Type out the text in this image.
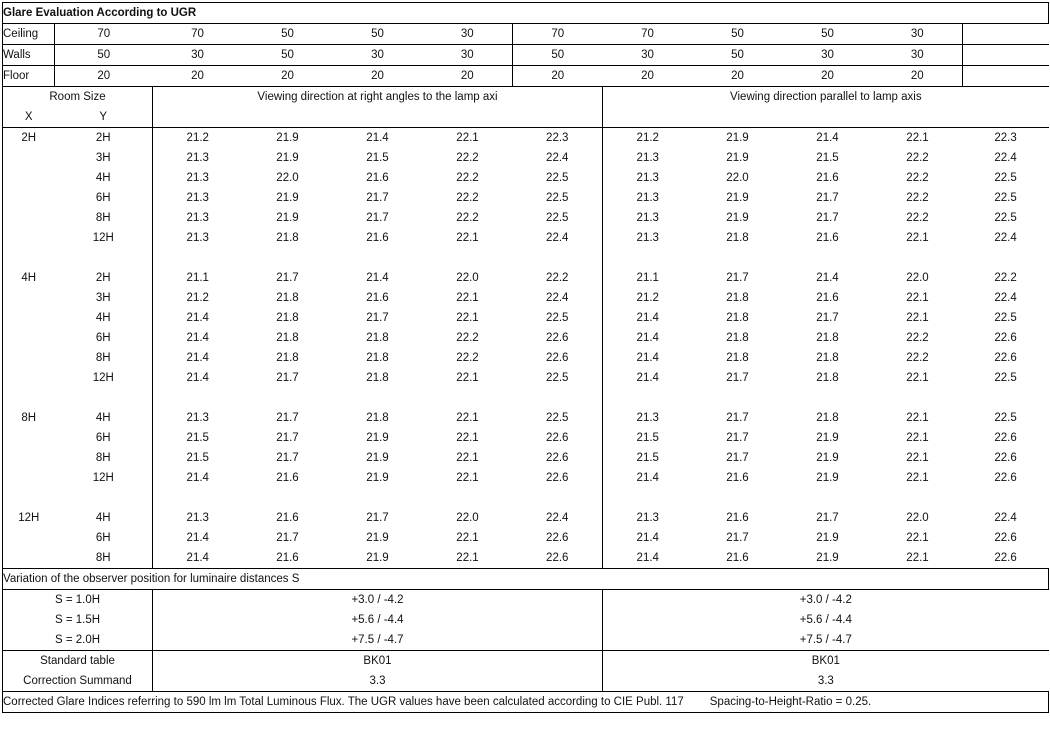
Glare Evaluation According to UGR												
Ceiling	70	70	50	50	30	70	70	50	50	30		
Walls	50	30	50	30	30	50	30	50	30	30		
Floor	20	20	20	20	20	20	20	20	20	20		
Room Size		Viewing direction at right angles to the lamp axi					Viewing direction parallel to lamp axis					
X	Y											
2H	2H	21.2	21.9	21.4	22.1	22.3	21.2	21.9	21.4	22.1	22.3	
	3H	21.3	21.9	21.5	22.2	22.4	21.3	21.9	21.5	22.2	22.4	
	4H	21.3	22.0	21.6	22.2	22.5	21.3	22.0	21.6	22.2	22.5	
	6H	21.3	21.9	21.7	22.2	22.5	21.3	21.9	21.7	22.2	22.5	
	8H	21.3	21.9	21.7	22.2	22.5	21.3	21.9	21.7	22.2	22.5	
	12H	21.3	21.8	21.6	22.1	22.4	21.3	21.8	21.6	22.1	22.4	

4H	2H	21.1	21.7	21.4	22.0	22.2	21.1	21.7	21.4	22.0	22.2	
	3H	21.2	21.8	21.6	22.1	22.4	21.2	21.8	21.6	22.1	22.4	
	4H	21.4	21.8	21.7	22.1	22.5	21.4	21.8	21.7	22.1	22.5	
	6H	21.4	21.8	21.8	22.2	22.6	21.4	21.8	21.8	22.2	22.6	
	8H	21.4	21.8	21.8	22.2	22.6	21.4	21.8	21.8	22.2	22.6	
	12H	21.4	21.7	21.8	22.1	22.5	21.4	21.7	21.8	22.1	22.5	

8H	4H	21.3	21.7	21.8	22.1	22.5	21.3	21.7	21.8	22.1	22.5	
	6H	21.5	21.7	21.9	22.1	22.6	21.5	21.7	21.9	22.1	22.6	
	8H	21.5	21.7	21.9	22.1	22.6	21.5	21.7	21.9	22.1	22.6	
	12H	21.4	21.6	21.9	22.1	22.6	21.4	21.6	21.9	22.1	22.6	

12H	4H	21.3	21.6	21.7	22.0	22.4	21.3	21.6	21.7	22.0	22.4	
	6H	21.4	21.7	21.9	22.1	22.6	21.4	21.7	21.9	22.1	22.6	
	8H	21.4	21.6	21.9	22.1	22.6	21.4	21.6	21.9	22.1	22.6	
Variation of the observer position for luminaire distances S												
S = 1.0H		+3.0 / -4.2					+3.0 / -4.2					
S = 1.5H		+5.6 / -4.4					+5.6 / -4.4					
S = 2.0H		+7.5 / -4.7					+7.5 / -4.7					
Standard table		BK01					BK01					
Correction Summand		3.3					3.3					
Corrected Glare Indices referring to 590 lm lm Total Luminous Flux. The UGR values have been calculated according to CIE Publ. 117 Spacing-to-Height-Ratio = 0.25.												
